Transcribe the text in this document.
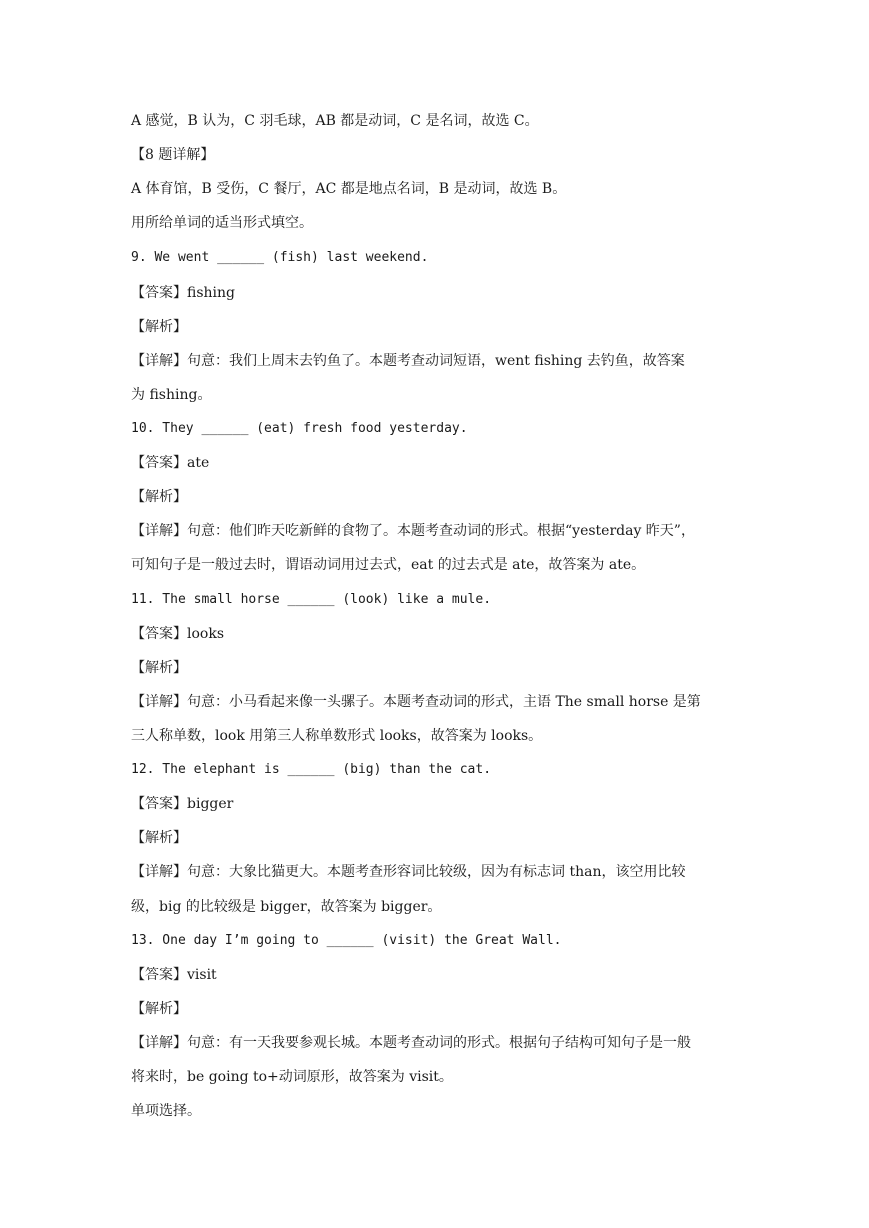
A 感觉，B 认为，C 羽毛球，AB 都是动词，C 是名词，故选 C。

【8 题详解】

A 体育馆，B 受伤，C 餐厅，AC 都是地点名词，B 是动词，故选 B。

用所给单词的适当形式填空。

9. We went ______ (fish) last weekend.

【答案】fishing

【解析】

【详解】句意：我们上周末去钓鱼了。本题考查动词短语，went fishing 去钓鱼，故答案

为 fishing。

10. They ______ (eat) fresh food yesterday.

【答案】ate

【解析】

【详解】句意：他们昨天吃新鲜的食物了。本题考查动词的形式。根据“yesterday 昨天”，

可知句子是一般过去时，谓语动词用过去式，eat 的过去式是 ate，故答案为 ate。

11. The small horse ______ (look) like a mule.

【答案】looks

【解析】

【详解】句意：小马看起来像一头骡子。本题考查动词的形式，主语 The small horse 是第

三人称单数，look 用第三人称单数形式 looks，故答案为 looks。

12. The elephant is ______ (big) than the cat.

【答案】bigger

【解析】

【详解】句意：大象比猫更大。本题考查形容词比较级，因为有标志词 than，该空用比较

级，big 的比较级是 bigger，故答案为 bigger。

13. One day I’m going to ______ (visit) the Great Wall.

【答案】visit

【解析】

【详解】句意：有一天我要参观长城。本题考查动词的形式。根据句子结构可知句子是一般

将来时，be going to+动词原形，故答案为 visit。

单项选择。
